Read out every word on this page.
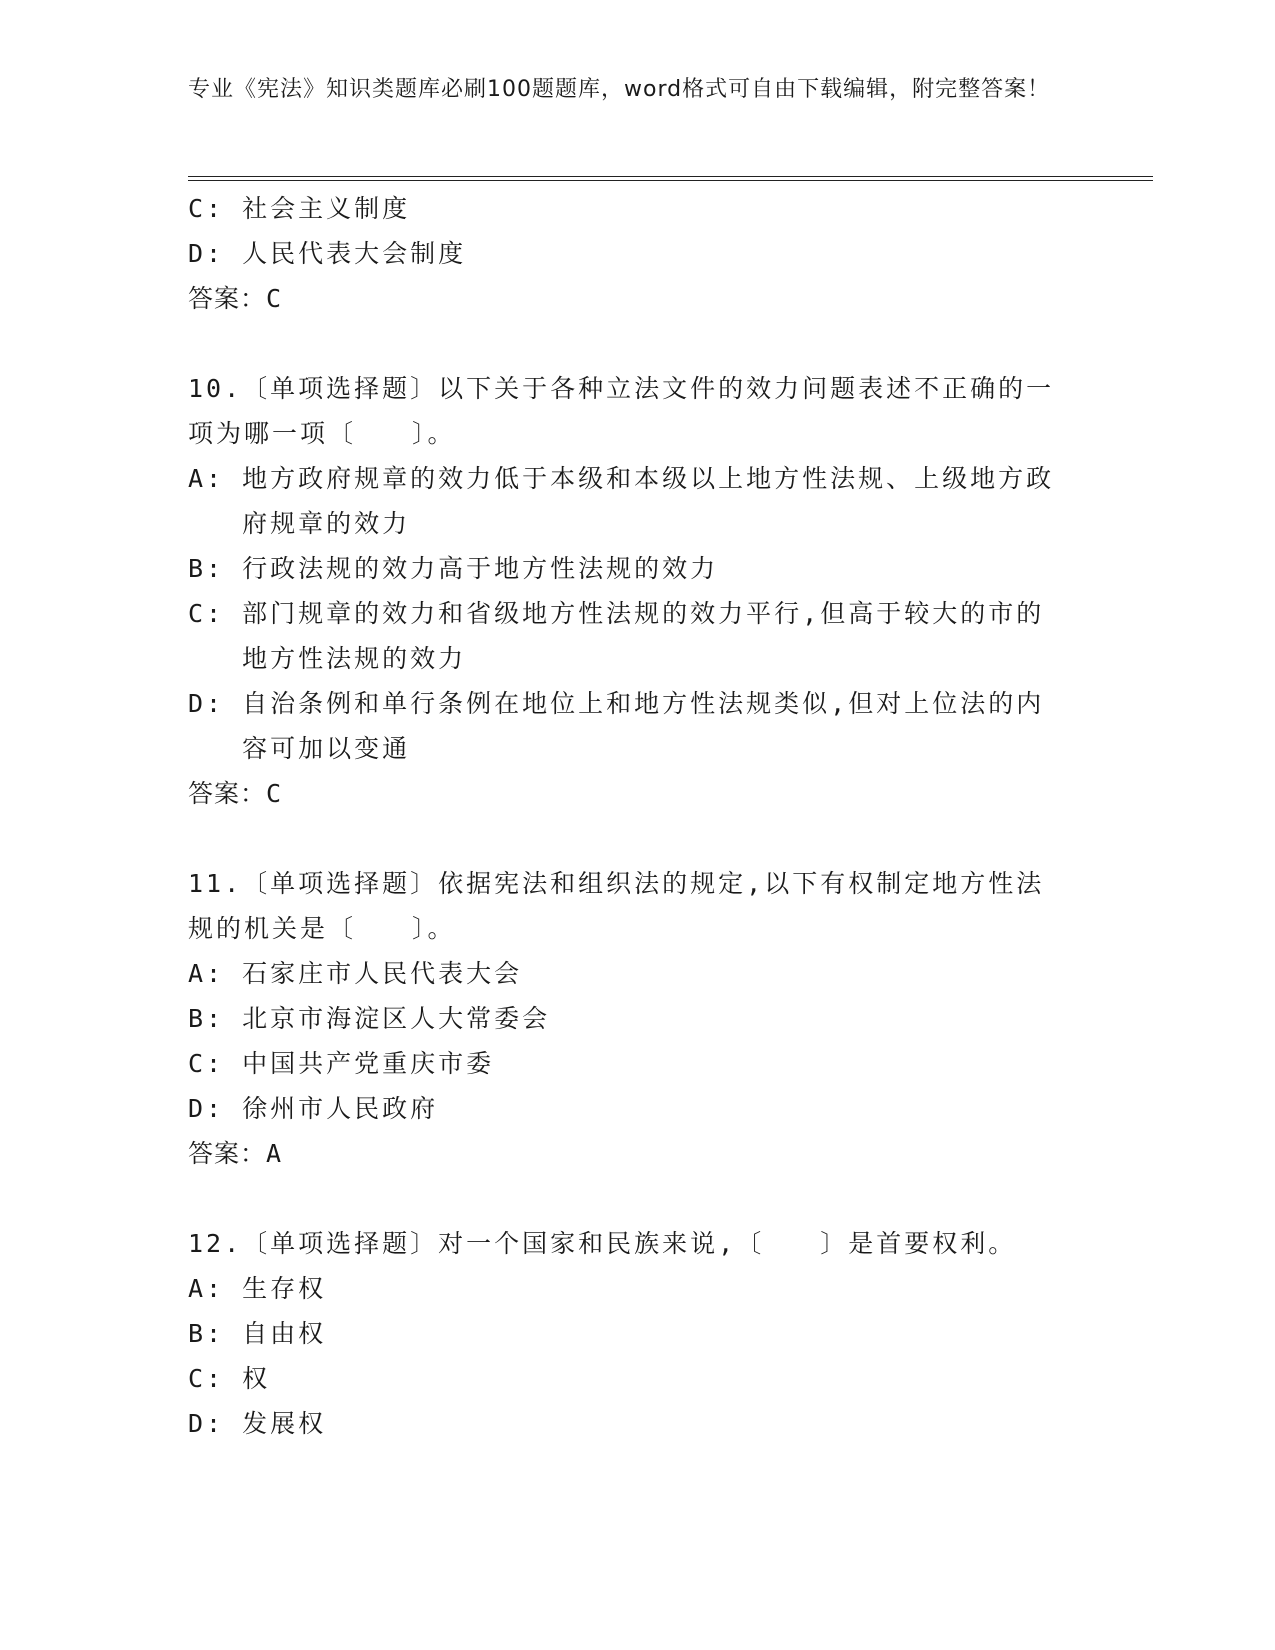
专业《宪法》知识类题库必刷100题题库，word格式可自由下载编辑，附完整答案！
C: 社会主义制度
D: 人民代表大会制度
答案：C
10.〔单项选择题〕以下关于各种立法文件的效力问题表述不正确的一项为哪一项〔　　〕。
A: 地方政府规章的效力低于本级和本级以上地方性法规、上级地方政府规章的效力
B: 行政法规的效力高于地方性法规的效力
C: 部门规章的效力和省级地方性法规的效力平行,但高于较大的市的地方性法规的效力
D: 自治条例和单行条例在地位上和地方性法规类似,但对上位法的内容可加以变通
答案：C
11.〔单项选择题〕依据宪法和组织法的规定,以下有权制定地方性法规的机关是〔　　〕。
A: 石家庄市人民代表大会
B: 北京市海淀区人大常委会
C: 中国共产党重庆市委
D: 徐州市人民政府
答案：A
12.〔单项选择题〕对一个国家和民族来说,〔　　〕是首要权利。
A: 生存权
B: 自由权
C: 权
D: 发展权
